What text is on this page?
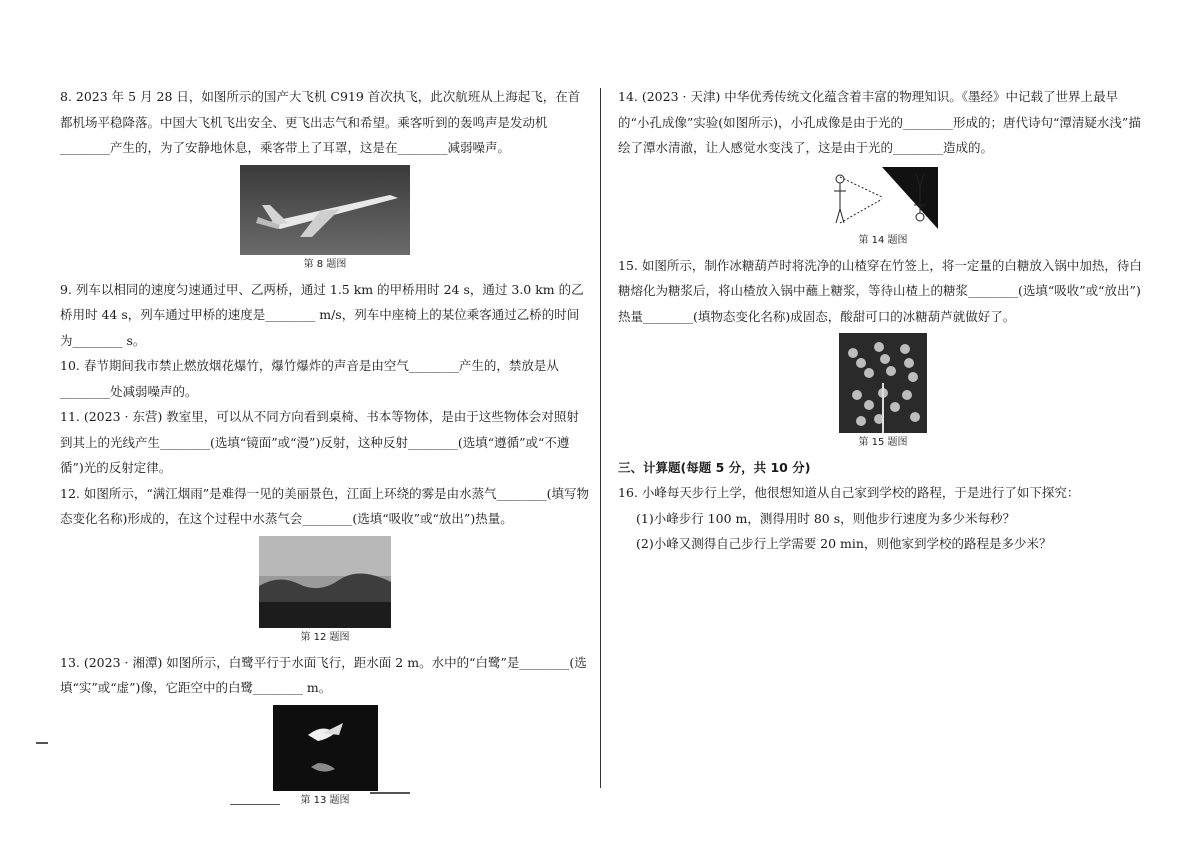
8. 2023 年 5 月 28 日，如图所示的国产大飞机 C919 首次执飞，此次航班从上海起飞，在首都机场平稳降落。中国大飞机飞出安全、更飞出志气和希望。乘客听到的轰鸣声是发动机________产生的，为了安静地休息，乘客带上了耳罩，这是在________减弱噪声。

第 8 题图

9. 列车以相同的速度匀速通过甲、乙两桥，通过 1.5 km 的甲桥用时 24 s，通过 3.0 km 的乙桥用时 44 s，列车通过甲桥的速度是________ m/s，列车中座椅上的某位乘客通过乙桥的时间为________ s。

10. 春节期间我市禁止燃放烟花爆竹，爆竹爆炸的声音是由空气________产生的，禁放是从________处减弱噪声的。

11. (2023 · 东营) 教室里，可以从不同方向看到桌椅、书本等物体，是由于这些物体会对照射到其上的光线产生________(选填“镜面”或“漫”)反射，这种反射________(选填“遵循”或“不遵循”)光的反射定律。

12. 如图所示，“满江烟雨”是难得一见的美丽景色，江面上环绕的雾是由水蒸气________(填写物态变化名称)形成的，在这个过程中水蒸气会________(选填“吸收”或“放出”)热量。

第 12 题图

13. (2023 · 湘潭) 如图所示，白鹭平行于水面飞行，距水面 2 m。水中的“白鹭”是________(选填“实”或“虚”)像，它距空中的白鹭________ m。

第 13 题图

14. (2023 · 天津) 中华优秀传统文化蕴含着丰富的物理知识。《墨经》中记载了世界上最早的“小孔成像”实验(如图所示)，小孔成像是由于光的________形成的；唐代诗句“潭清疑水浅”描绘了潭水清澈，让人感觉水变浅了，这是由于光的________造成的。

第 14 题图

15. 如图所示，制作冰糖葫芦时将洗净的山楂穿在竹签上，将一定量的白糖放入锅中加热，待白糖熔化为糖浆后，将山楂放入锅中蘸上糖浆，等待山楂上的糖浆________(选填“吸收”或“放出”)热量________(填物态变化名称)成固态，酸甜可口的冰糖葫芦就做好了。

第 15 题图
三、计算题(每题 5 分，共 10 分)

16. 小峰每天步行上学，他很想知道从自己家到学校的路程，于是进行了如下探究：

(1)小峰步行 100 m，测得用时 80 s，则他步行速度为多少米每秒？
(2)小峰又测得自己步行上学需要 20 min，则他家到学校的路程是多少米？
